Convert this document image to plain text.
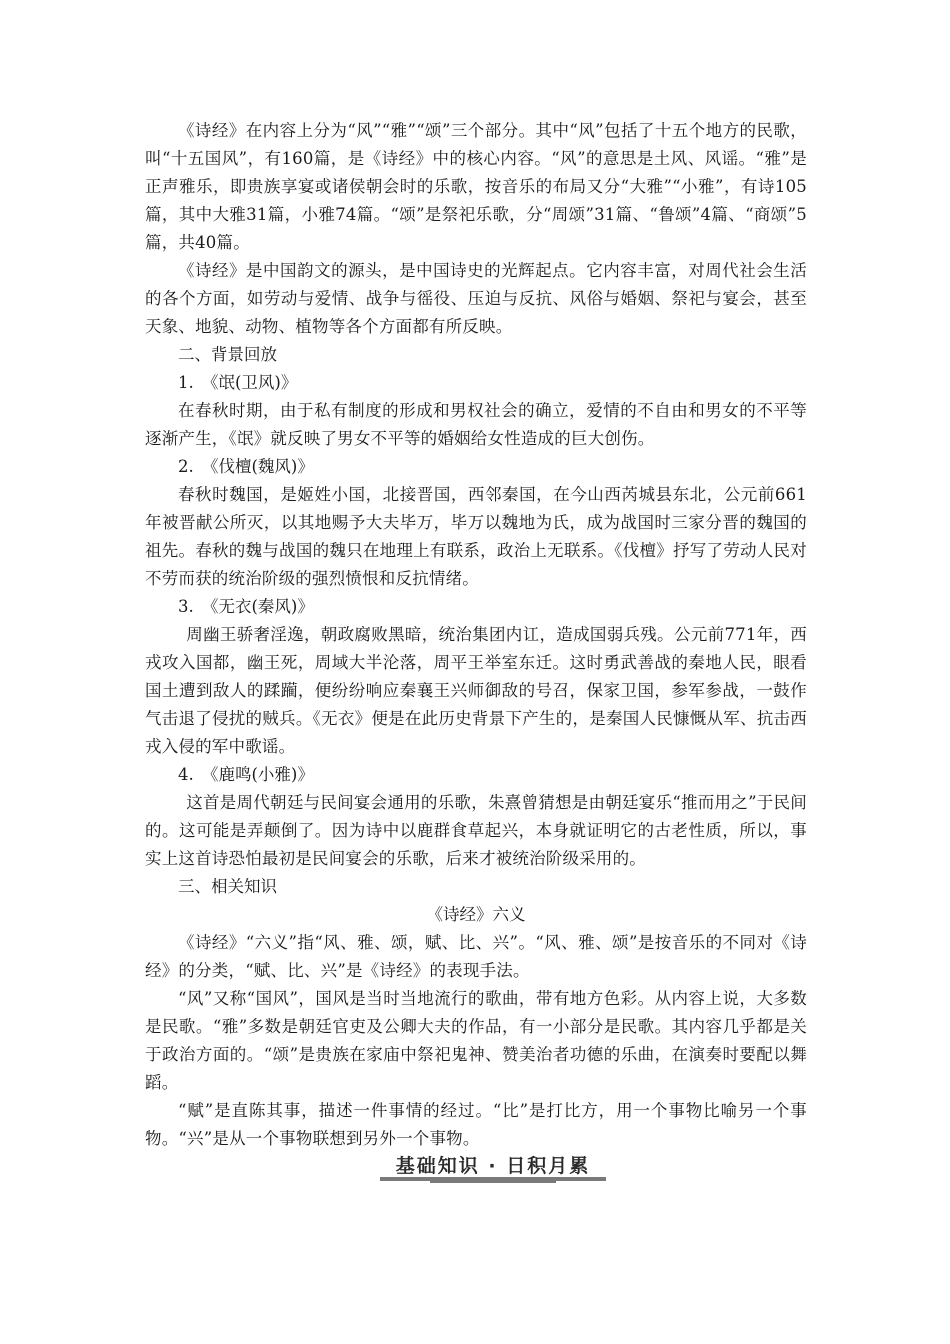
《诗经》在内容上分为“风”“雅”“颂”三个部分。其中“风”包括了十五个地方的民歌，叫“十五国风”，有160篇，是《诗经》中的核心内容。“风”的意思是土风、风谣。“雅”是正声雅乐，即贵族享宴或诸侯朝会时的乐歌，按音乐的布局又分“大雅”“小雅”，有诗105篇，其中大雅31篇，小雅74篇。“颂”是祭祀乐歌，分“周颂”31篇、“鲁颂”4篇、“商颂”5篇，共40篇。

《诗经》是中国韵文的源头，是中国诗史的光辉起点。它内容丰富，对周代社会生活的各个方面，如劳动与爱情、战争与徭役、压迫与反抗、风俗与婚姻、祭祀与宴会，甚至天象、地貌、动物、植物等各个方面都有所反映。

二、背景回放

1.　《氓(卫风)》

在春秋时期，由于私有制度的形成和男权社会的确立，爱情的不自由和男女的不平等逐渐产生，《氓》就反映了男女不平等的婚姻给女性造成的巨大创伤。

2.　《伐檀(魏风)》

春秋时魏国，是姬姓小国，北接晋国，西邻秦国，在今山西芮城县东北，公元前661年被晋献公所灭，以其地赐予大夫毕万，毕万以魏地为氏，成为战国时三家分晋的魏国的祖先。春秋的魏与战国的魏只在地理上有联系，政治上无联系。《伐檀》抒写了劳动人民对不劳而获的统治阶级的强烈愤恨和反抗情绪。

3.　《无衣(秦风)》

周幽王骄奢淫逸，朝政腐败黑暗，统治集团内讧，造成国弱兵残。公元前771年，西戎攻入国都，幽王死，周域大半沦落，周平王举室东迁。这时勇武善战的秦地人民，眼看国土遭到敌人的蹂躏，便纷纷响应秦襄王兴师御敌的号召，保家卫国，参军参战，一鼓作气击退了侵扰的贼兵。《无衣》便是在此历史背景下产生的，是秦国人民慷慨从军、抗击西戎入侵的军中歌谣。

4.　《鹿鸣(小雅)》

这首是周代朝廷与民间宴会通用的乐歌，朱熹曾猜想是由朝廷宴乐“推而用之”于民间的。这可能是弄颠倒了。因为诗中以鹿群食草起兴，本身就证明它的古老性质，所以，事实上这首诗恐怕最初是民间宴会的乐歌，后来才被统治阶级采用的。

三、相关知识

《诗经》六义

《诗经》“六义”指“风、雅、颂，赋、比、兴”。“风、雅、颂”是按音乐的不同对《诗经》的分类，“赋、比、兴”是《诗经》的表现手法。

“风”又称“国风”，国风是当时当地流行的歌曲，带有地方色彩。从内容上说，大多数是民歌。“雅”多数是朝廷官吏及公卿大夫的作品，有一小部分是民歌。其内容几乎都是关于政治方面的。“颂”是贵族在家庙中祭祀鬼神、赞美治者功德的乐曲，在演奏时要配以舞蹈。

“赋”是直陈其事，描述一件事情的经过。“比”是打比方，用一个事物比喻另一个事物。“兴”是从一个事物联想到另外一个事物。

基础知识 · 日积月累
